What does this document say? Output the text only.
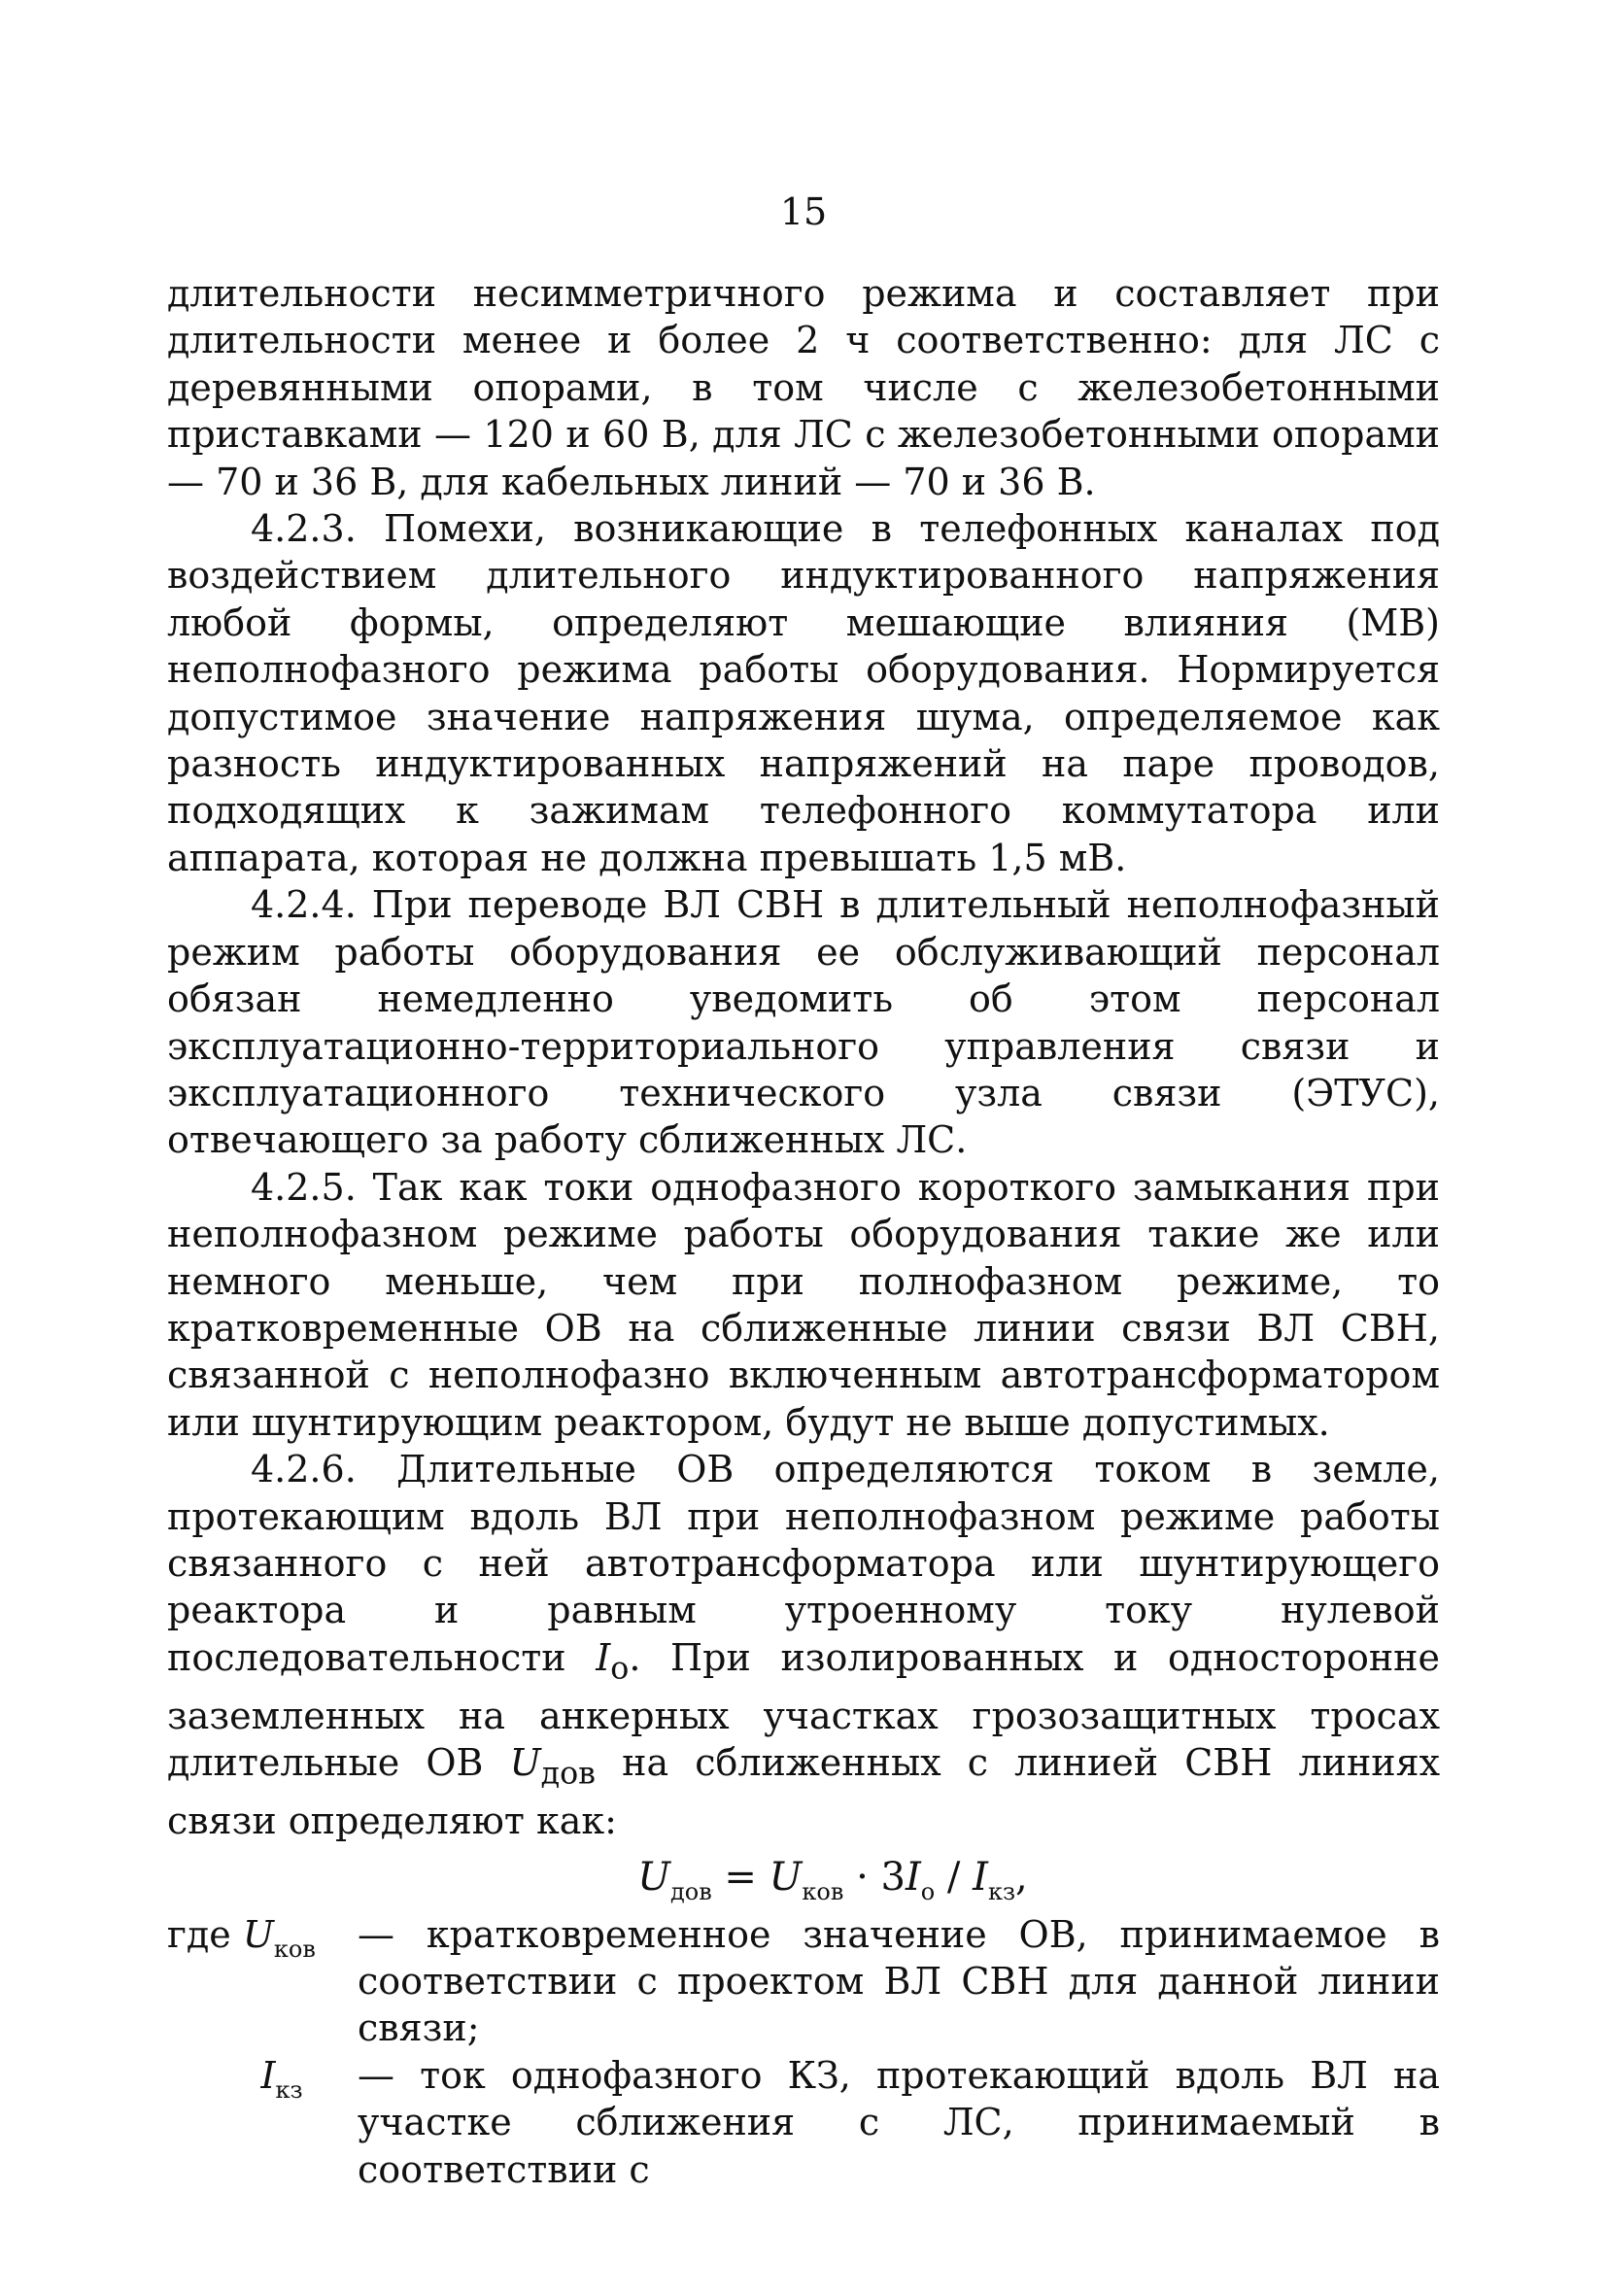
15

длительности несимметричного режима и составляет при длительности менее и более 2 ч соответственно: для ЛС с деревянными опорами, в том числе с железобетонными приставками — 120 и 60 В, для ЛС с железобетонными опорами — 70 и 36 В, для кабельных линий — 70 и 36 В.

4.2.3. Помехи, возникающие в телефонных каналах под воздействием длительного индуктированного напряжения любой формы, определяют мешающие влияния (МВ) неполнофазного режима работы оборудования. Нормируется допустимое значение напряжения шума, определяемое как разность индуктированных напряжений на паре проводов, подходящих к зажимам телефонного коммутатора или аппарата, которая не должна превышать 1,5 мВ.

4.2.4. При переводе ВЛ СВН в длительный неполнофазный режим работы оборудования ее обслуживающий персонал обязан немедленно уведомить об этом персонал эксплуатационно-территориального управления связи и эксплуатационного технического узла связи (ЭТУС), отвечающего за работу сближенных ЛС.

4.2.5. Так как токи однофазного короткого замыкания при неполнофазном режиме работы оборудования такие же или немного меньше, чем при полнофазном режиме, то кратковременные ОВ на сближенные линии связи ВЛ СВН, связанной с неполнофазно включенным автотрансформатором или шунтирующим реактором, будут не выше допустимых.

4.2.6. Длительные ОВ определяются током в земле, протекающим вдоль ВЛ при неполнофазном режиме работы связанного с ней автотрансформатора или шунтирующего реактора и равным утроенному току нулевой последовательности $I_о$. При изолированных и односторонне заземленных на анкерных участках грозозащитных тросах длительные ОВ $U_{дов}$ на сближенных с линией СВН линиях связи определяют как:

$U_{дов} = U_{ков} \cdot 3I_о / I_{кз}$,
где $U_{ков}$	— кратковременное значение ОВ, принимаемое в соответствии с проектом ВЛ СВН для данной линии связи;
$I_{кз}$	— ток однофазного КЗ, протекающий вдоль ВЛ на участке сближения с ЛС, принимаемый в соответствии с
